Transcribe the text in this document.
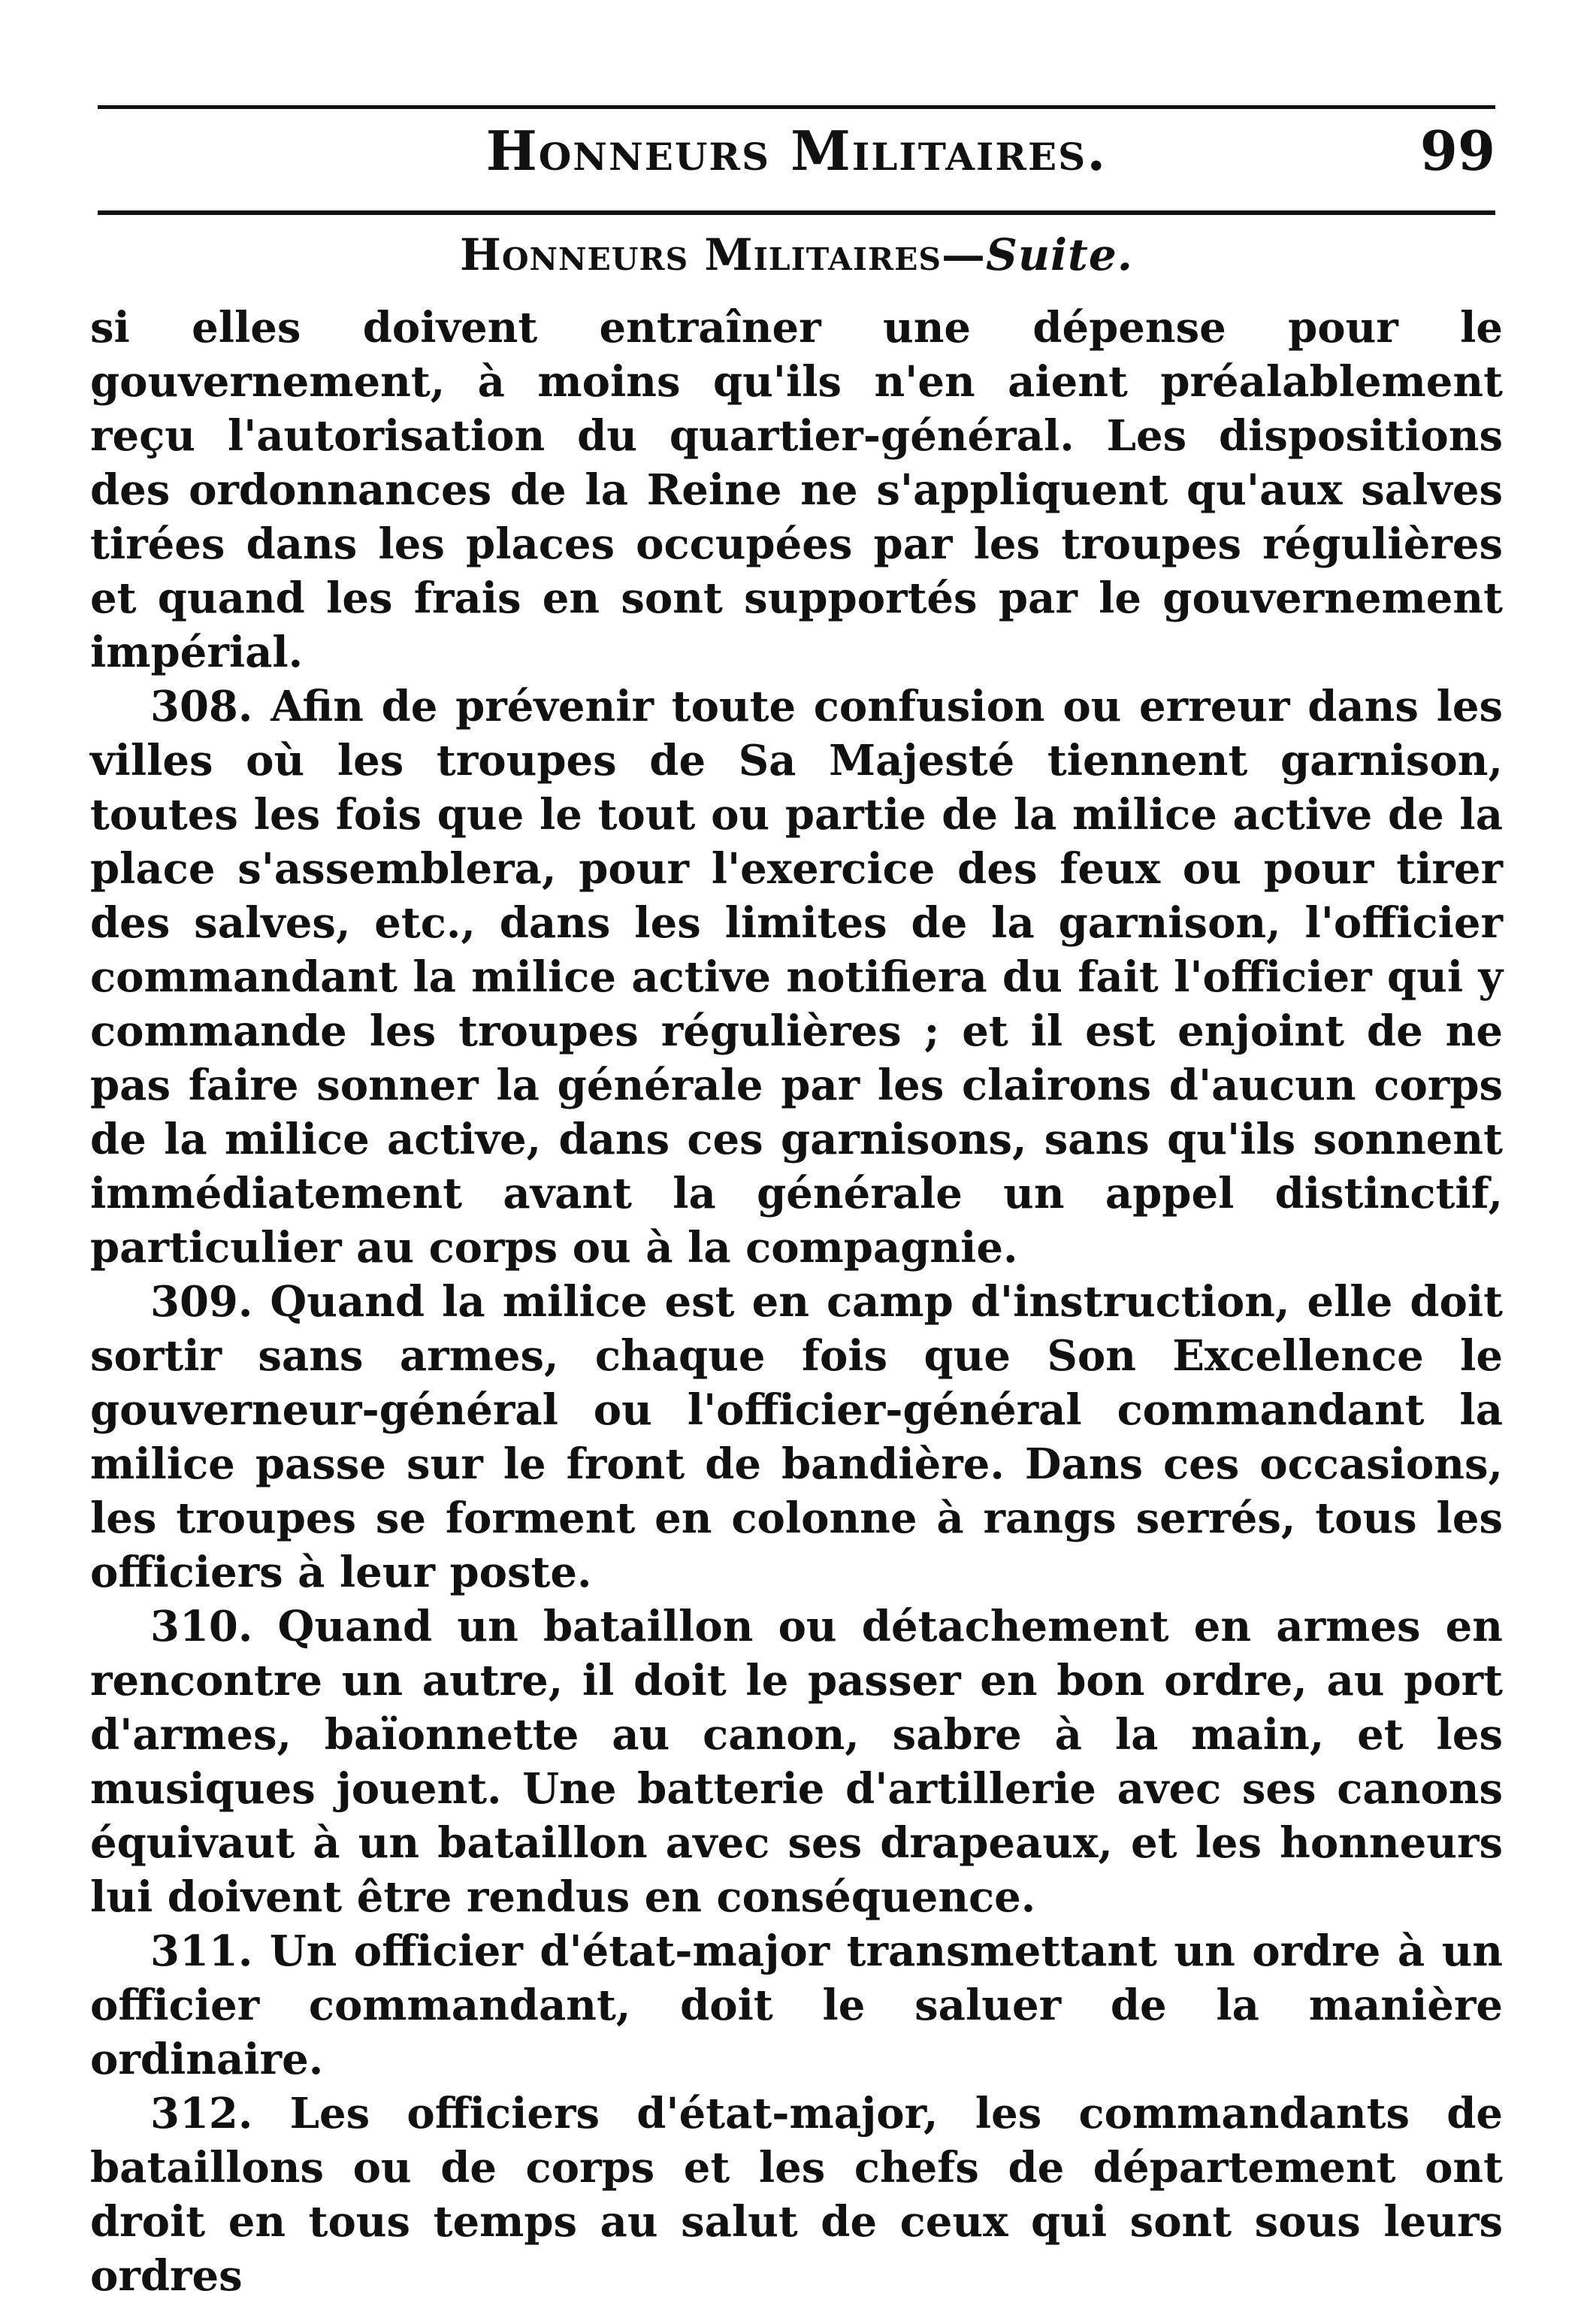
Honneurs Militaires.	99
Honneurs Militaires—Suite.

si elles doivent entraîner une dépense pour le gouvernement, à moins qu'ils n'en aient préalablement reçu l'autorisation du quartier-général. Les dispositions des ordonnances de la Reine ne s'appliquent qu'aux salves tirées dans les places occupées par les troupes régulières et quand les frais en sont supportés par le gouvernement impérial.

308. Afin de prévenir toute confusion ou erreur dans les villes où les troupes de Sa Majesté tiennent garnison, toutes les fois que le tout ou partie de la milice active de la place s'assemblera, pour l'exercice des feux ou pour tirer des salves, etc., dans les limites de la garnison, l'officier commandant la milice active notifiera du fait l'officier qui y commande les troupes régulières ; et il est enjoint de ne pas faire sonner la générale par les clairons d'aucun corps de la milice active, dans ces garnisons, sans qu'ils sonnent immédiatement avant la générale un appel distinctif, particulier au corps ou à la compagnie.

309. Quand la milice est en camp d'instruction, elle doit sortir sans armes, chaque fois que Son Excellence le gouverneur-général ou l'officier-général commandant la milice passe sur le front de bandière. Dans ces occasions, les troupes se forment en colonne à rangs serrés, tous les officiers à leur poste.

310. Quand un bataillon ou détachement en armes en rencontre un autre, il doit le passer en bon ordre, au port d'armes, baïonnette au canon, sabre à la main, et les musiques jouent. Une batterie d'artillerie avec ses canons équivaut à un bataillon avec ses drapeaux, et les honneurs lui doivent être rendus en conséquence.

311. Un officier d'état-major transmettant un ordre à un officier commandant, doit le saluer de la manière ordinaire.

312. Les officiers d'état-major, les commandants de bataillons ou de corps et les chefs de département ont droit en tous temps au salut de ceux qui sont sous leurs ordres
